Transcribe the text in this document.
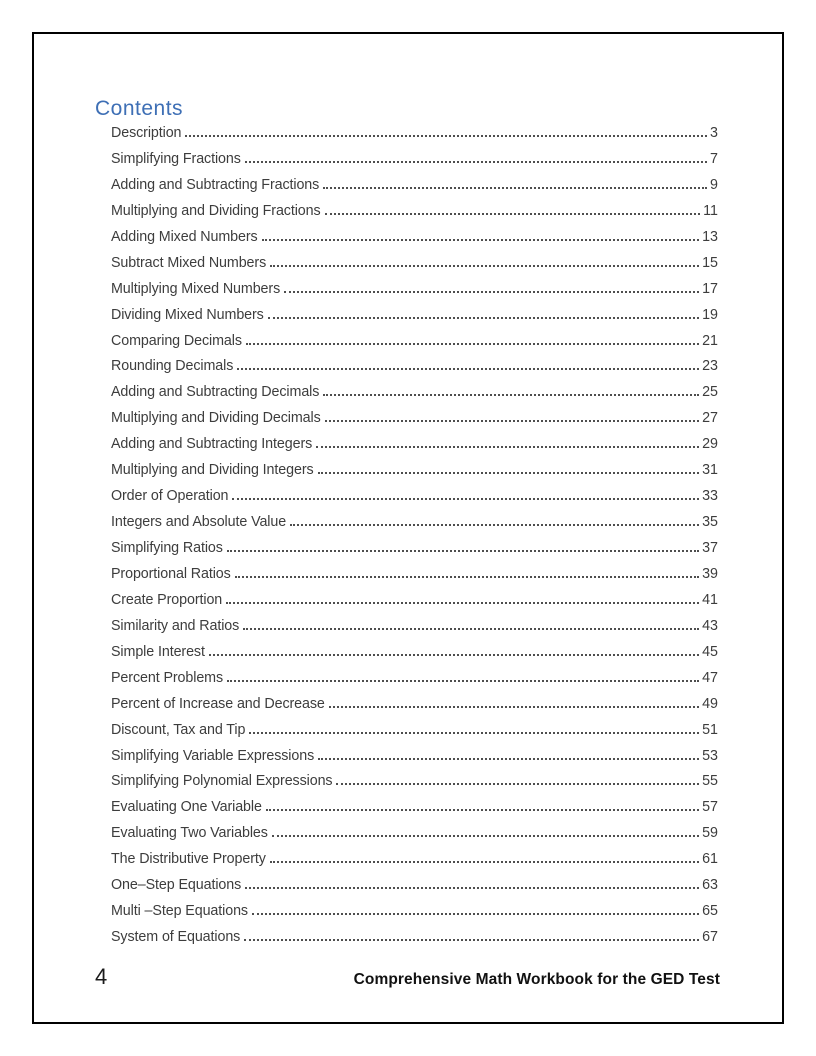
Contents
Description	3
Simplifying Fractions	7
Adding and Subtracting Fractions	9
Multiplying and Dividing Fractions	11
Adding Mixed Numbers	13
Subtract Mixed Numbers	15
Multiplying Mixed Numbers	17
Dividing Mixed Numbers	19
Comparing Decimals	21
Rounding Decimals	23
Adding and Subtracting Decimals	25
Multiplying and Dividing Decimals	27
Adding and Subtracting Integers	29
Multiplying and Dividing Integers	31
Order of Operation	33
Integers and Absolute Value	35
Simplifying Ratios	37
Proportional Ratios	39
Create Proportion	41
Similarity and Ratios	43
Simple Interest	45
Percent Problems	47
Percent of Increase and Decrease	49
Discount, Tax and Tip	51
Simplifying Variable Expressions	53
Simplifying Polynomial Expressions	55
Evaluating One Variable	57
Evaluating Two Variables	59
The Distributive Property	61
One–Step Equations	63
Multi –Step Equations	65
System of Equations	67
4	Comprehensive Math Workbook for the GED Test
